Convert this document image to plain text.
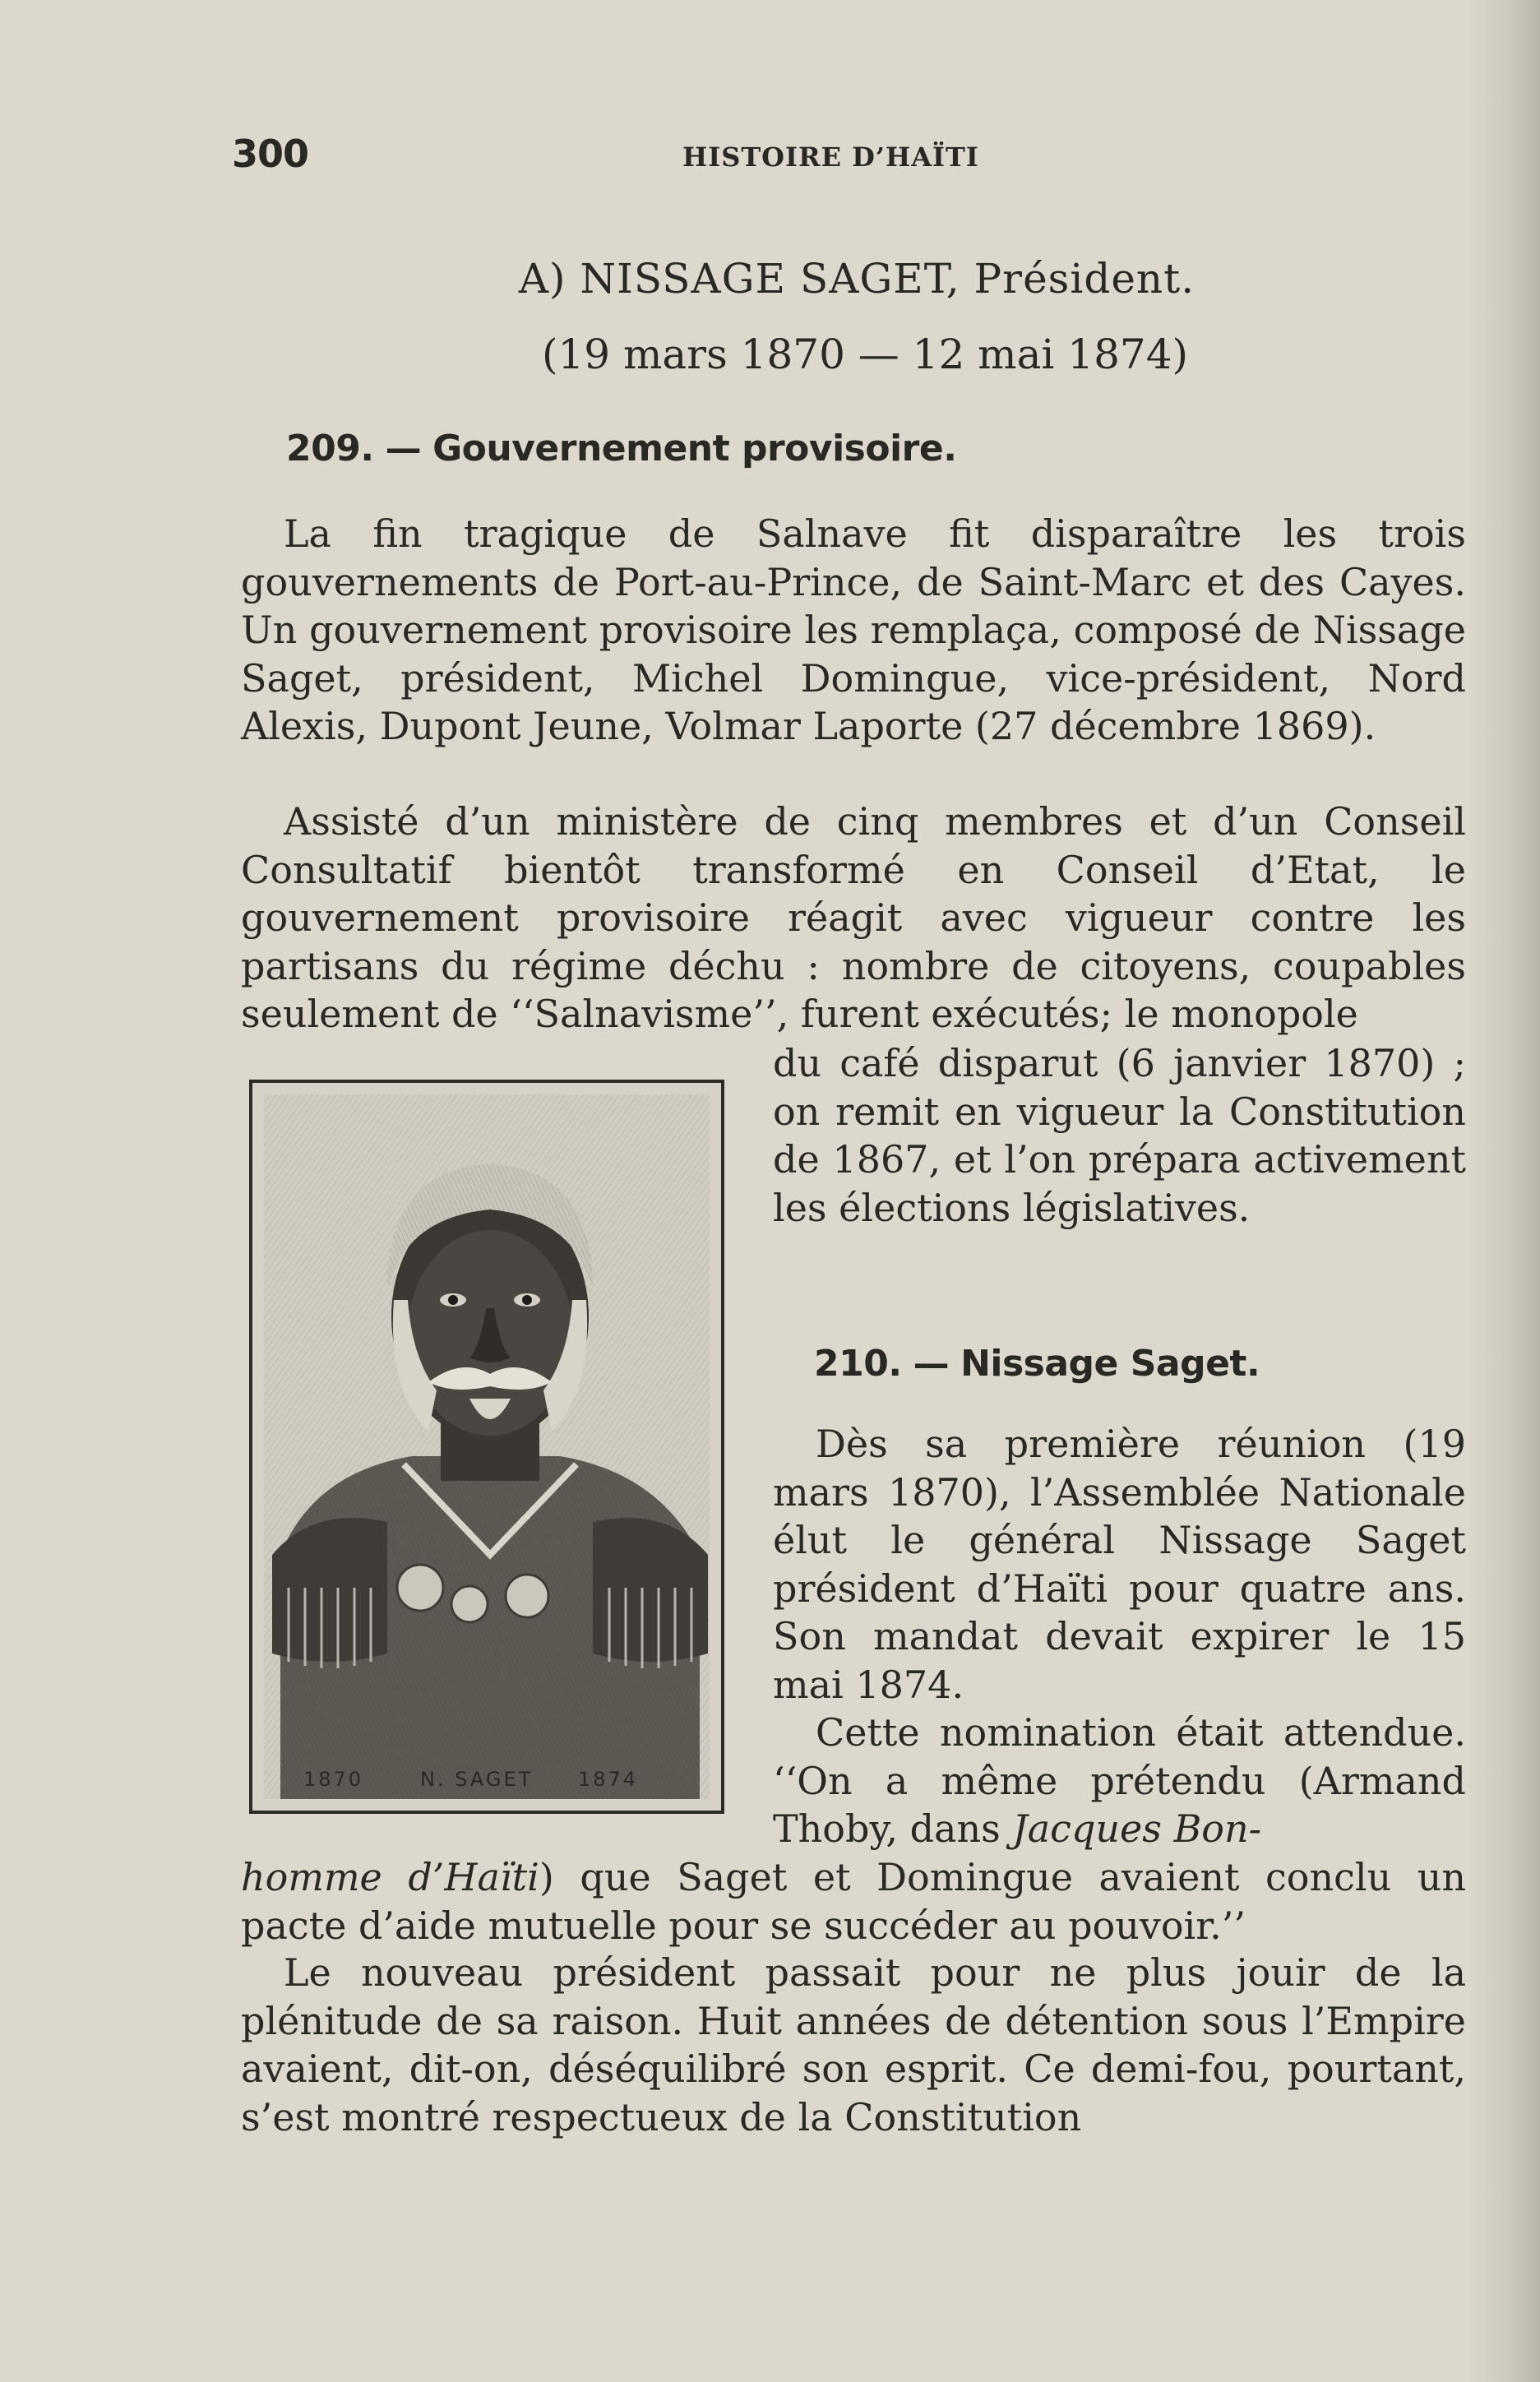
300	HISTOIRE D’HAÏTI
A) NISSAGE SAGET, Président.
(19 mars 1870 — 12 mai 1874)
209. — Gouvernement provisoire.

La fin tragique de Salnave fit disparaître les trois gouvernements de Port-au-Prince, de Saint-Marc et des Cayes. Un gouvernement provisoire les remplaça, composé de Nissage Saget, président, Michel Domingue, vice-président, Nord Alexis, Dupont Jeune, Volmar Laporte (27 décembre 1869).

Assisté d’un ministère de cinq membres et d’un Conseil Consultatif bientôt transformé en Conseil d’Etat, le gouvernement provisoire réagit avec vigueur contre les partisans du régime déchu : nombre de citoyens, coupables seulement de ‘‘Salnavisme’’, furent exécutés; le monopole

du café disparut (6 janvier 1870) ; on remit en vigueur la Constitution de 1867, et l’on prépara activement les élections législatives.

1870	N. SAGET 1874
210. — Nissage Saget.

Dès sa première réunion (19 mars 1870), l’Assemblée Nationale élut le général Nissage Saget président d’Haïti pour quatre ans. Son mandat devait expirer le 15 mai 1874.

Cette nomination était attendue. ‘‘On a même prétendu (Armand Thoby, dans Jacques Bon-

homme d’Haïti) que Saget et Domingue avaient conclu un pacte d’aide mutuelle pour se succéder au pouvoir.’’

Le nouveau président passait pour ne plus jouir de la plénitude de sa raison. Huit années de détention sous l’Empire avaient, dit-on, déséquilibré son esprit. Ce demi-fou, pourtant, s’est montré respectueux de la Constitution
